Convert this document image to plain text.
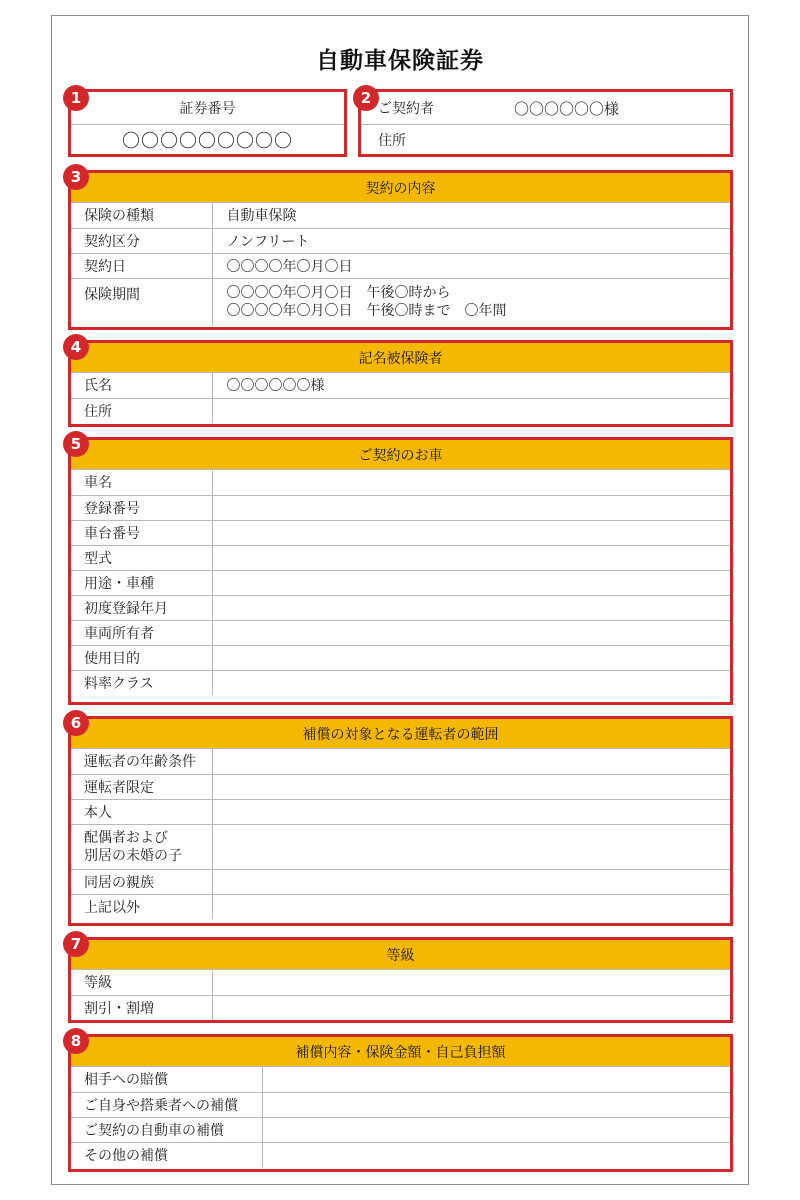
自動車保険証券
証券番号
〇〇〇〇〇〇〇〇〇
1
ご契約者	〇〇〇〇〇〇様
住所
2
契約の内容
保険の種類	自動車保険
契約区分	ノンフリート
契約日	〇〇〇〇年〇月〇日
保険期間	〇〇〇〇年〇月〇日　午後〇時から
〇〇〇〇年〇月〇日　午後〇時まで　〇年間
3
記名被保険者
氏名	〇〇〇〇〇〇様
住所	
4
ご契約のお車
車名	
登録番号	
車台番号	
型式	
用途・車種	
初度登録年月	
車両所有者	
使用目的	
料率クラス	
5
補償の対象となる運転者の範囲
運転者の年齢条件	
運転者限定	
本人	

配偶者および
別居の未婚の子	

同居の親族	
上記以外	
6
等級
等級	
割引・割増	
7
補償内容・保険金額・自己負担額
相手への賠償	
ご自身や搭乗者への補償	
ご契約の自動車の補償	
その他の補償	
8
